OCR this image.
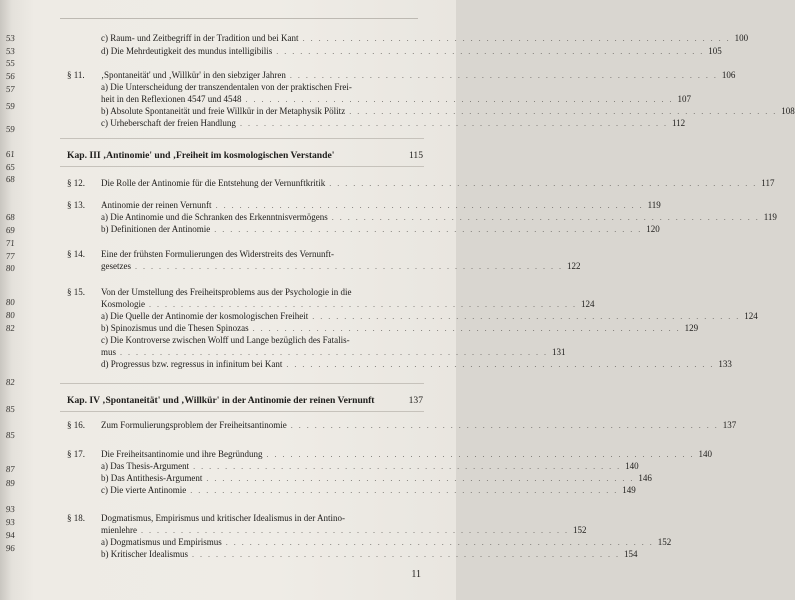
53
53
55
56
57
59
59
61
65
68
68
69
71
77
80
80
80
82
82
85
85
87
89
93
93
94
96
c) Raum- und Zeitbegriff in der Tradition und bei Kant . . . . . . . . . . . . . . . . . . . . . . . . . . . . . . . . . . . . . . . . . . . . . . . . . . . . . . 100
d) Die Mehrdeutigkeit des mundus intelligibilis . . . . . . . . . . . . . . . . . . . . . . . . . . . . . . . . . . . . . . . . . . . . . . . . . . . . . . 105
§ 11. ‚Spontaneität' und ‚Willkür' in den siebziger Jahren . . . . . . . . . . . . . . . . . . . . . . . . . . . . . . . . . . . . . . . . . . . . . . . . . . . . . . 106
a) Die Unterscheidung der transzendentalen von der praktischen Frei-
heit in den Reflexionen 4547 und 4548 . . . . . . . . . . . . . . . . . . . . . . . . . . . . . . . . . . . . . . . . . . . . . . . . . . . . . . 107
b) Absolute Spontaneität und freie Willkür in der Metaphysik Pölitz . . . . . . . . . . . . . . . . . . . . . . . . . . . . . . . . . . . . . . . . . . . . . . . . . . . . . . 108
c) Urheberschaft der freien Handlung . . . . . . . . . . . . . . . . . . . . . . . . . . . . . . . . . . . . . . . . . . . . . . . . . . . . . . 112
Kap. III ‚Antinomie' und ‚Freiheit im kosmologischen Verstande'	115
§ 12. Die Rolle der Antinomie für die Entstehung der Vernunftkritik . . . . . . . . . . . . . . . . . . . . . . . . . . . . . . . . . . . . . . . . . . . . . . . . . . . . . . 117
§ 13. Antinomie der reinen Vernunft . . . . . . . . . . . . . . . . . . . . . . . . . . . . . . . . . . . . . . . . . . . . . . . . . . . . . . 119
a) Die Antinomie und die Schranken des Erkenntnisvermögens . . . . . . . . . . . . . . . . . . . . . . . . . . . . . . . . . . . . . . . . . . . . . . . . . . . . . . 119
b) Definitionen der Antinomie . . . . . . . . . . . . . . . . . . . . . . . . . . . . . . . . . . . . . . . . . . . . . . . . . . . . . . 120
§ 14. Eine der frühsten Formulierungen des Widerstreits des Vernunft-
gesetzes . . . . . . . . . . . . . . . . . . . . . . . . . . . . . . . . . . . . . . . . . . . . . . . . . . . . . . 122
§ 15. Von der Umstellung des Freiheitsproblems aus der Psychologie in die
Kosmologie . . . . . . . . . . . . . . . . . . . . . . . . . . . . . . . . . . . . . . . . . . . . . . . . . . . . . . 124
a) Die Quelle der Antinomie der kosmologischen Freiheit . . . . . . . . . . . . . . . . . . . . . . . . . . . . . . . . . . . . . . . . . . . . . . . . . . . . . . 124
b) Spinozismus und die Thesen Spinozas . . . . . . . . . . . . . . . . . . . . . . . . . . . . . . . . . . . . . . . . . . . . . . . . . . . . . . 129
c) Die Kontroverse zwischen Wolff und Lange bezüglich des Fatalis-
mus . . . . . . . . . . . . . . . . . . . . . . . . . . . . . . . . . . . . . . . . . . . . . . . . . . . . . . 131
d) Progressus bzw. regressus in infinitum bei Kant . . . . . . . . . . . . . . . . . . . . . . . . . . . . . . . . . . . . . . . . . . . . . . . . . . . . . . 133
Kap. IV ‚Spontaneität' und ‚Willkür' in der Antinomie der reinen Vernunft	137
§ 16. Zum Formulierungsproblem der Freiheitsantinomie . . . . . . . . . . . . . . . . . . . . . . . . . . . . . . . . . . . . . . . . . . . . . . . . . . . . . . 137
§ 17. Die Freiheitsantinomie und ihre Begründung . . . . . . . . . . . . . . . . . . . . . . . . . . . . . . . . . . . . . . . . . . . . . . . . . . . . . . 140
a) Das Thesis-Argument . . . . . . . . . . . . . . . . . . . . . . . . . . . . . . . . . . . . . . . . . . . . . . . . . . . . . . 140
b) Das Antithesis-Argument . . . . . . . . . . . . . . . . . . . . . . . . . . . . . . . . . . . . . . . . . . . . . . . . . . . . . . 146
c) Die vierte Antinomie . . . . . . . . . . . . . . . . . . . . . . . . . . . . . . . . . . . . . . . . . . . . . . . . . . . . . . 149
§ 18. Dogmatismus, Empirismus und kritischer Idealismus in der Antino-
mienlehre . . . . . . . . . . . . . . . . . . . . . . . . . . . . . . . . . . . . . . . . . . . . . . . . . . . . . . 152
a) Dogmatismus und Empirismus . . . . . . . . . . . . . . . . . . . . . . . . . . . . . . . . . . . . . . . . . . . . . . . . . . . . . . 152
b) Kritischer Idealismus . . . . . . . . . . . . . . . . . . . . . . . . . . . . . . . . . . . . . . . . . . . . . . . . . . . . . . 154
11
